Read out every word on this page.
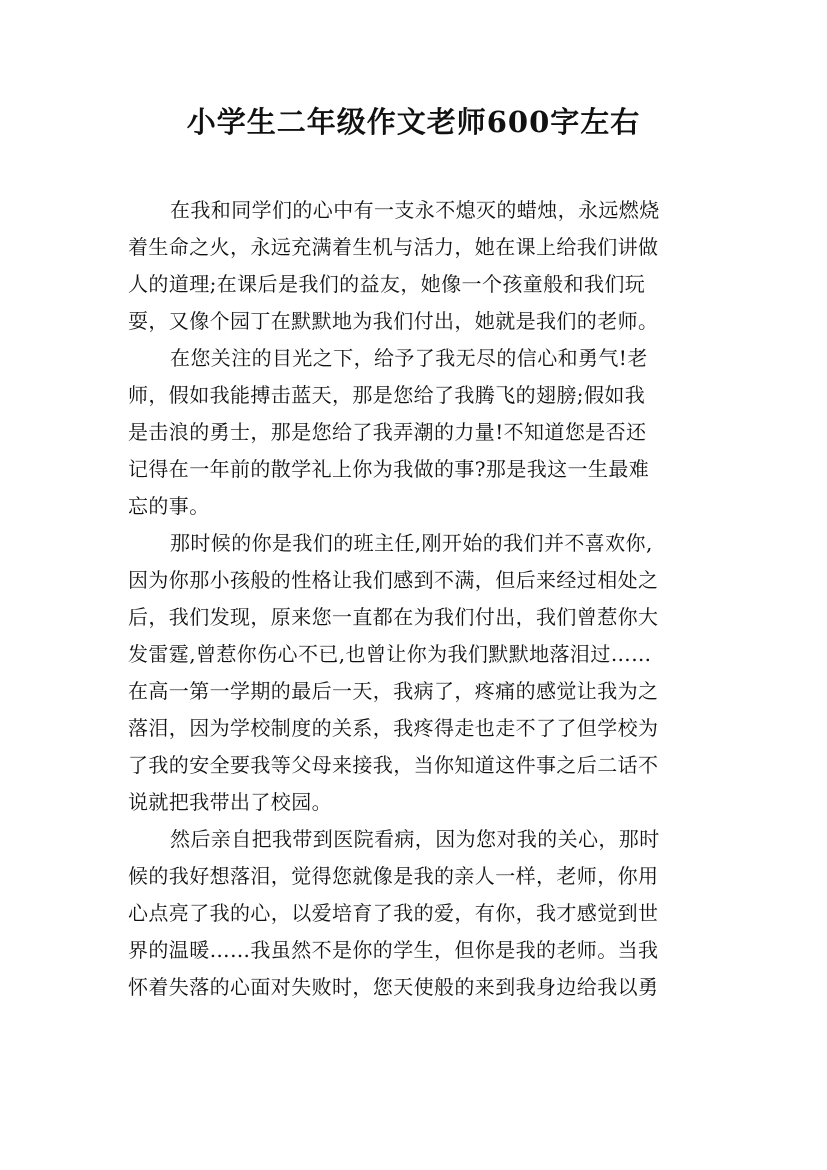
小学生二年级作文老师600字左右
在我和同学们的心中有一支永不熄灭的蜡烛，永远燃烧
着生命之火，永远充满着生机与活力，她在课上给我们讲做
人的道理;在课后是我们的益友，她像一个孩童般和我们玩
耍，又像个园丁在默默地为我们付出，她就是我们的老师。
在您关注的目光之下，给予了我无尽的信心和勇气!老
师，假如我能搏击蓝天，那是您给了我腾飞的翅膀;假如我
是击浪的勇士，那是您给了我弄潮的力量!不知道您是否还
记得在一年前的散学礼上你为我做的事?那是我这一生最难
忘的事。
那时候的你是我们的班主任,刚开始的我们并不喜欢你,
因为你那小孩般的性格让我们感到不满，但后来经过相处之
后，我们发现，原来您一直都在为我们付出，我们曾惹你大
发雷霆,曾惹你伤心不已,也曾让你为我们默默地落泪过……
在高一第一学期的最后一天，我病了，疼痛的感觉让我为之
落泪，因为学校制度的关系，我疼得走也走不了了但学校为
了我的安全要我等父母来接我，当你知道这件事之后二话不
说就把我带出了校园。
然后亲自把我带到医院看病，因为您对我的关心，那时
候的我好想落泪，觉得您就像是我的亲人一样，老师，你用
心点亮了我的心，以爱培育了我的爱，有你，我才感觉到世
界的温暖……我虽然不是你的学生，但你是我的老师。当我
怀着失落的心面对失败时，您天使般的来到我身边给我以勇
